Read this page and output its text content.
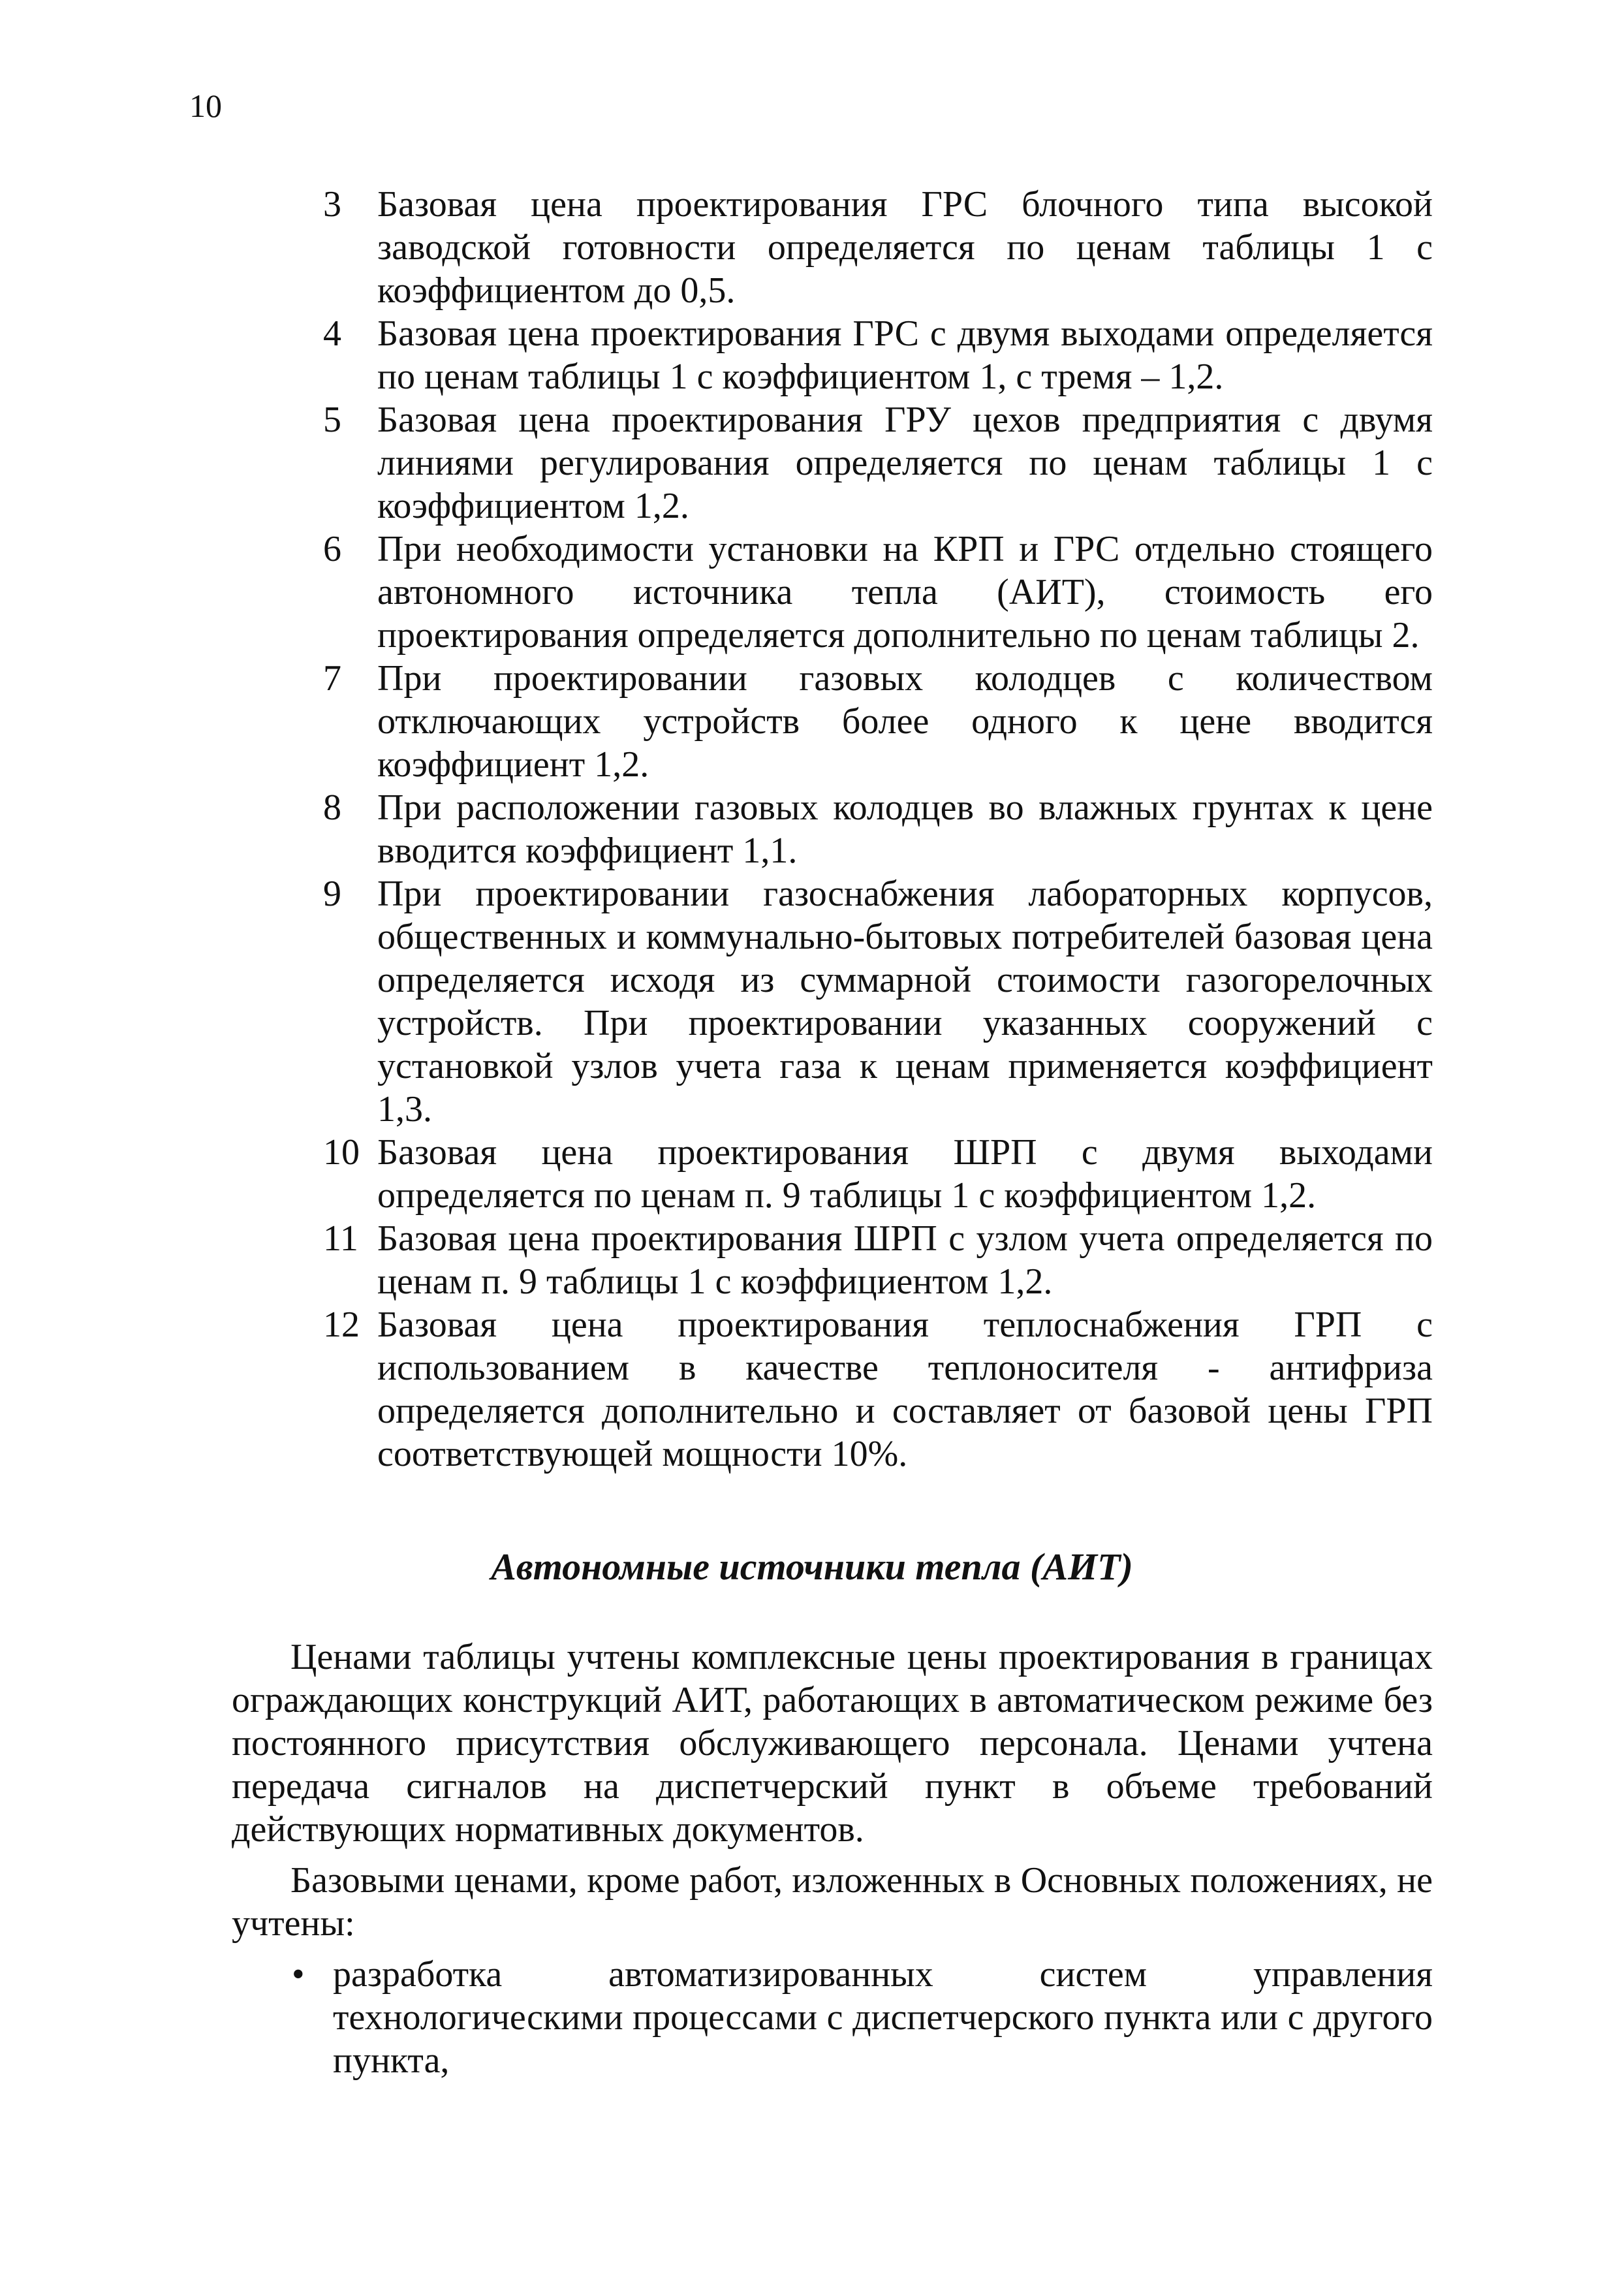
10
3 Базовая цена проектирования ГРС блочного типа высокой заводской готовности определяется по ценам таблицы 1 с коэффициентом до 0,5.
4 Базовая цена проектирования ГРС с двумя выходами определяется по ценам таблицы 1 с коэффициентом 1, с тремя – 1,2.
5 Базовая цена проектирования ГРУ цехов предприятия с двумя линиями регулирования определяется по ценам таблицы 1 с коэффициентом 1,2.
6 При необходимости установки на КРП и ГРС отдельно стоящего автономного источника тепла (АИТ), стоимость его проектирования определяется дополнительно по ценам таблицы 2.
7 При проектировании газовых колодцев с количеством отключающих устройств более одного к цене вводится коэффициент 1,2.
8 При расположении газовых колодцев во влажных грунтах к цене вводится коэффициент 1,1.
9 При проектировании газоснабжения лабораторных корпусов, общественных и коммунально-бытовых потребителей базовая цена определяется исходя из суммарной стоимости газогорелочных устройств. При проектировании указанных сооружений с установкой узлов учета газа к ценам применяется коэффициент 1,3.
10 Базовая цена проектирования ШРП с двумя выходами определяется по ценам п. 9 таблицы 1 с коэффициентом 1,2.
11 Базовая цена проектирования ШРП с узлом учета определяется по ценам п. 9 таблицы 1 с коэффициентом 1,2.
12 Базовая цена проектирования теплоснабжения ГРП с использованием в качестве теплоносителя - антифриза определяется дополнительно и составляет от базовой цены ГРП соответствующей мощности 10%.
Автономные источники тепла (АИТ)

Ценами таблицы учтены комплексные цены проектирования в границах ограждающих конструкций АИТ, работающих в автоматическом режиме без постоянного присутствия обслуживающего персонала. Ценами учтена передача сигналов на диспетчерский пункт в объеме требований действующих нормативных документов.

Базовыми ценами, кроме работ, изложенных в Основных положениях, не учтены:

• разработка автоматизированных систем управления технологическими процессами с диспетчерского пункта или с другого пункта,
